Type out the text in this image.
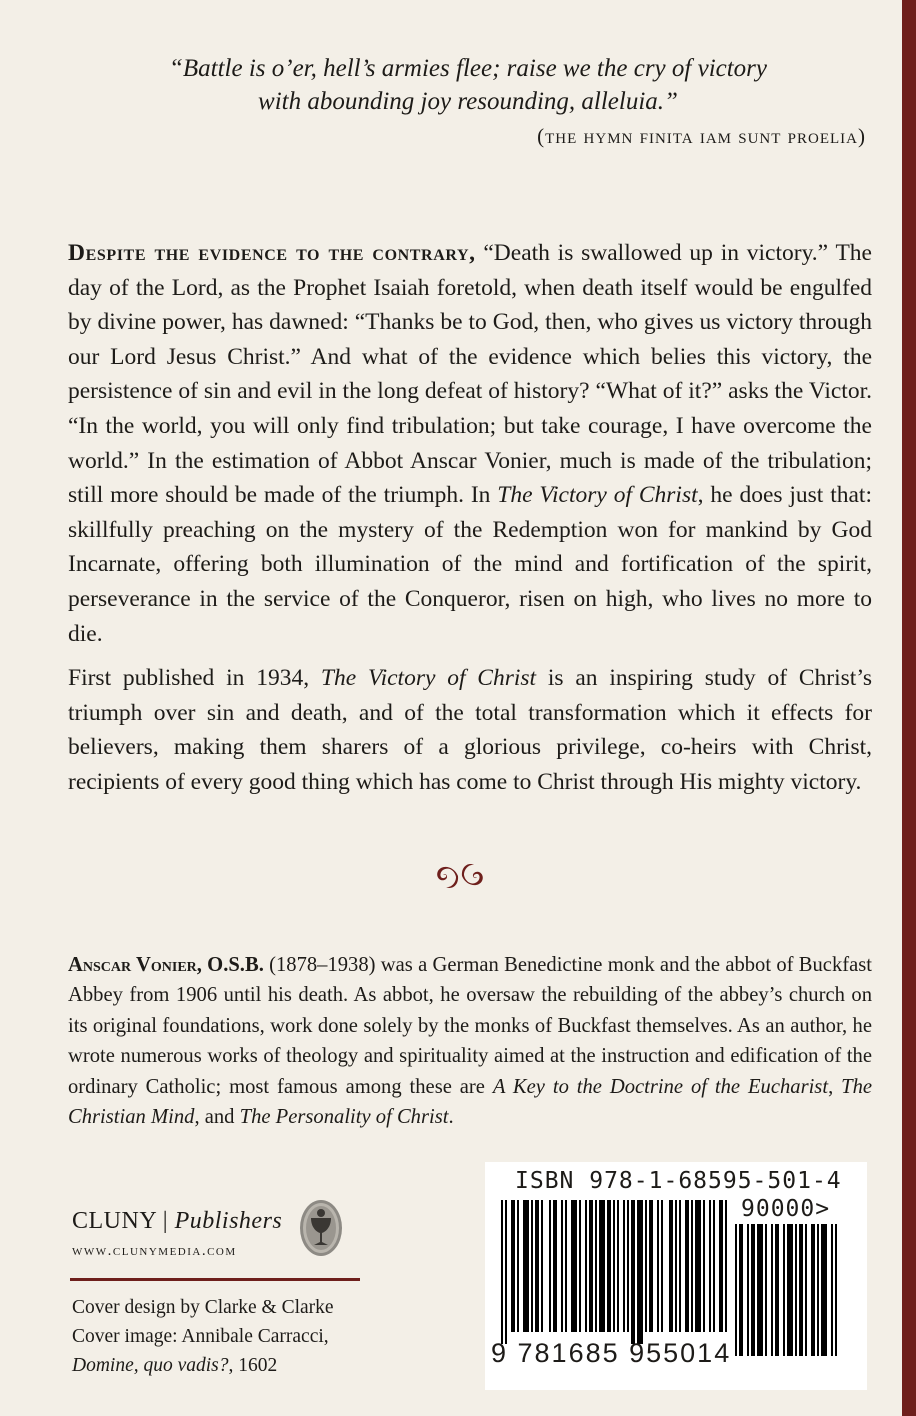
“Battle is o’er, hell’s armies flee; raise we the cry of victory
with abounding joy resounding, alleluia.”
(the hymn finita iam sunt proelia)

Despite the evidence to the contrary, “Death is swallowed up in victory.” The day of the Lord, as the Prophet Isaiah foretold, when death itself would be engulfed by divine power, has dawned: “Thanks be to God, then, who gives us victory through our Lord Jesus Christ.” And what of the evidence which belies this victory, the persistence of sin and evil in the long defeat of history? “What of it?” asks the Victor. “In the world, you will only find tribulation; but take courage, I have overcome the world.” In the estimation of Abbot Anscar Vonier, much is made of the tribulation; still more should be made of the triumph. In The Victory of Christ, he does just that: skillfully preaching on the mystery of the Redemption won for mankind by God Incarnate, offering both illumination of the mind and fortification of the spirit, perseverance in the service of the Conqueror, risen on high, who lives no more to die.

First published in 1934, The Victory of Christ is an inspiring study of Christ’s triumph over sin and death, and of the total transformation which it effects for believers, making them sharers of a glorious privilege, co-heirs with Christ, recipients of every good thing which has come to Christ through His mighty victory.

Anscar Vonier, O.S.B. (1878–1938) was a German Benedictine monk and the abbot of Buckfast Abbey from 1906 until his death. As abbot, he oversaw the rebuilding of the abbey’s church on its original foundations, work done solely by the monks of Buckfast themselves. As an author, he wrote numerous works of theology and spirituality aimed at the instruction and edification of the ordinary Catholic; most famous among these are A Key to the Doctrine of the Eucharist, The Christian Mind, and The Personality of Christ.
CLUNY | Publishers
www.clunymedia.com
Cover design by Clarke & Clarke
Cover image: Annibale Carracci,
Domine, quo vadis?, 1602
ISBN 978-1-68595-501-4
90000>
9 781685 955014
